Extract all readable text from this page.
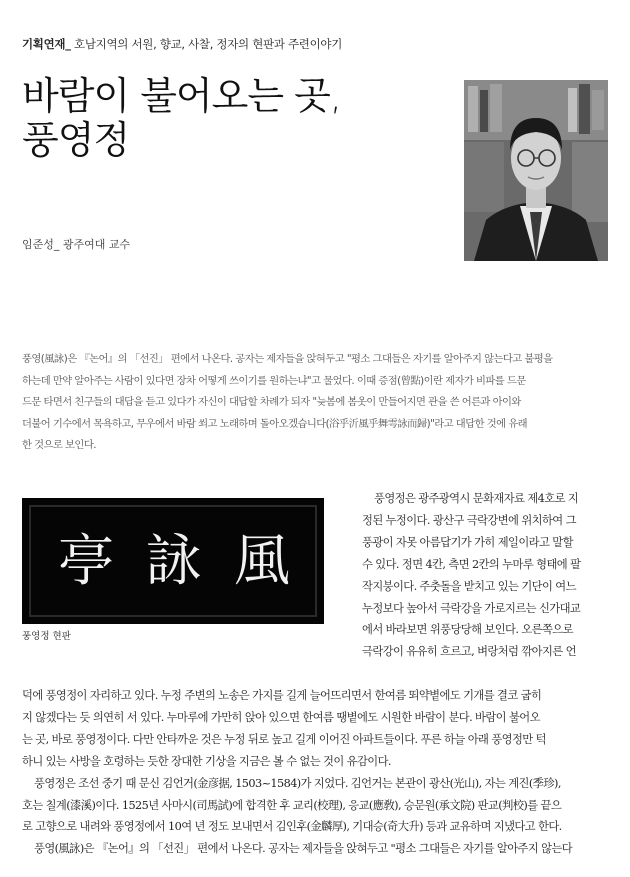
기획연재_ 호남지역의 서원, 향교, 사찰, 정자의 현판과 주련이야기
바람이 불어오는 곳,
풍영정
임준성_ 광주여대 교수
풍영(風詠)은 『논어』의 「선진」 편에서 나온다. 공자는 제자들을 앉혀두고 "평소 그대들은 자기를 알아주지 않는다고 불평을
하는데 만약 알아주는 사람이 있다면 장차 어떻게 쓰이기를 원하는냐"고 물었다. 이때 증점(曾點)이란 제자가 비파를 드문
드문 타면서 친구들의 대답을 듣고 있다가 자신이 대답할 차례가 되자 "늦봄에 봄옷이 만들어지면 관을 쓴 어른과 아이와
더불어 기수에서 목욕하고, 무우에서 바람 쐬고 노래하며 돌아오겠습니다(浴乎沂風乎舞雩詠而歸)"라고 대답한 것에 유래
한 것으로 보인다.
亭 詠 風
풍영정 현판
풍영정은 광주광역시 문화재자료 제4호로 지
정된 누정이다. 광산구 극락강변에 위치하여 그
풍광이 자못 아름답기가 가히 제일이라고 말할
수 있다. 정면 4칸, 측면 2칸의 누마루 형태에 팔
작지붕이다. 주춧돌을 받치고 있는 기단이 여느
누정보다 높아서 극락강을 가로지르는 신가대교
에서 바라보면 위풍당당해 보인다. 오른쪽으로
극락강이 유유히 흐르고, 벼랑처럼 깎아지른 언
덕에 풍영정이 자리하고 있다. 누정 주변의 노송은 가지를 길게 늘어뜨리면서 한여름 뙤약볕에도 기개를 결코 굽히
지 않겠다는 듯 의연히 서 있다. 누마루에 가만히 앉아 있으면 한여름 땡볕에도 시원한 바람이 분다. 바람이 불어오
는 곳, 바로 풍영정이다. 다만 안타까운 것은 누정 뒤로 높고 길게 이어진 아파트들이다. 푸른 하늘 아래 풍영정만 턱
하니 있는 사방을 호령하는 듯한 장대한 기상을 지금은 볼 수 없는 것이 유감이다.
풍영정은 조선 중기 때 문신 김언거(金彦据, 1503~1584)가 지었다. 김언거는 본관이 광산(光山), 자는 계진(季珍),
호는 칠계(漆溪)이다. 1525년 사마시(司馬試)에 합격한 후 교리(校理), 응교(應敎), 승문원(承文院) 판교(判校)를 끝으
로 고향으로 내려와 풍영정에서 10여 년 정도 보내면서 김인후(金麟厚), 기대승(奇大升) 등과 교유하며 지냈다고 한다.
풍영(風詠)은 『논어』의 「선진」 편에서 나온다. 공자는 제자들을 앉혀두고 "평소 그대들은 자기를 알아주지 않는다
